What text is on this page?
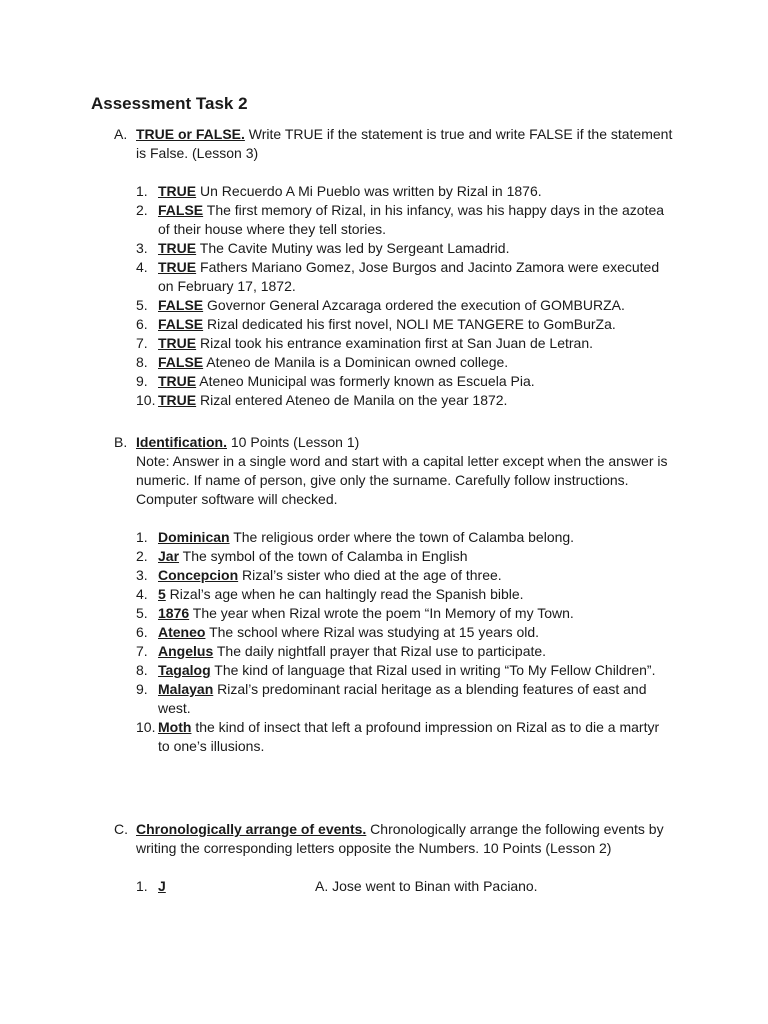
Assessment Task 2
A. TRUE or FALSE. Write TRUE if the statement is true and write FALSE if the statement is False. (Lesson 3)
1. TRUE Un Recuerdo A Mi Pueblo was written by Rizal in 1876.
2. FALSE The first memory of Rizal, in his infancy, was his happy days in the azotea of their house where they tell stories.
3. TRUE The Cavite Mutiny was led by Sergeant Lamadrid.
4. TRUE Fathers Mariano Gomez, Jose Burgos and Jacinto Zamora were executed on February 17, 1872.
5. FALSE Governor General Azcaraga ordered the execution of GOMBURZA.
6. FALSE Rizal dedicated his first novel, NOLI ME TANGERE to GomBurZa.
7. TRUE Rizal took his entrance examination first at San Juan de Letran.
8. FALSE Ateneo de Manila is a Dominican owned college.
9. TRUE Ateneo Municipal was formerly known as Escuela Pia.
10. TRUE Rizal entered Ateneo de Manila on the year 1872.
B. Identification. 10 Points (Lesson 1)
Note: Answer in a single word and start with a capital letter except when the answer is numeric. If name of person, give only the surname. Carefully follow instructions. Computer software will checked.
1. Dominican The religious order where the town of Calamba belong.
2. Jar The symbol of the town of Calamba in English
3. Concepcion Rizal’s sister who died at the age of three.
4. 5 Rizal’s age when he can haltingly read the Spanish bible.
5. 1876 The year when Rizal wrote the poem “In Memory of my Town.
6. Ateneo The school where Rizal was studying at 15 years old.
7. Angelus The daily nightfall prayer that Rizal use to participate.
8. Tagalog The kind of language that Rizal used in writing “To My Fellow Children”.
9. Malayan Rizal’s predominant racial heritage as a blending features of east and west.
10. Moth the kind of insect that left a profound impression on Rizal as to die a martyr to one’s illusions.
C. Chronologically arrange of events. Chronologically arrange the following events by writing the corresponding letters opposite the Numbers. 10 Points (Lesson 2)
1. J	A. Jose went to Binan with Paciano.
